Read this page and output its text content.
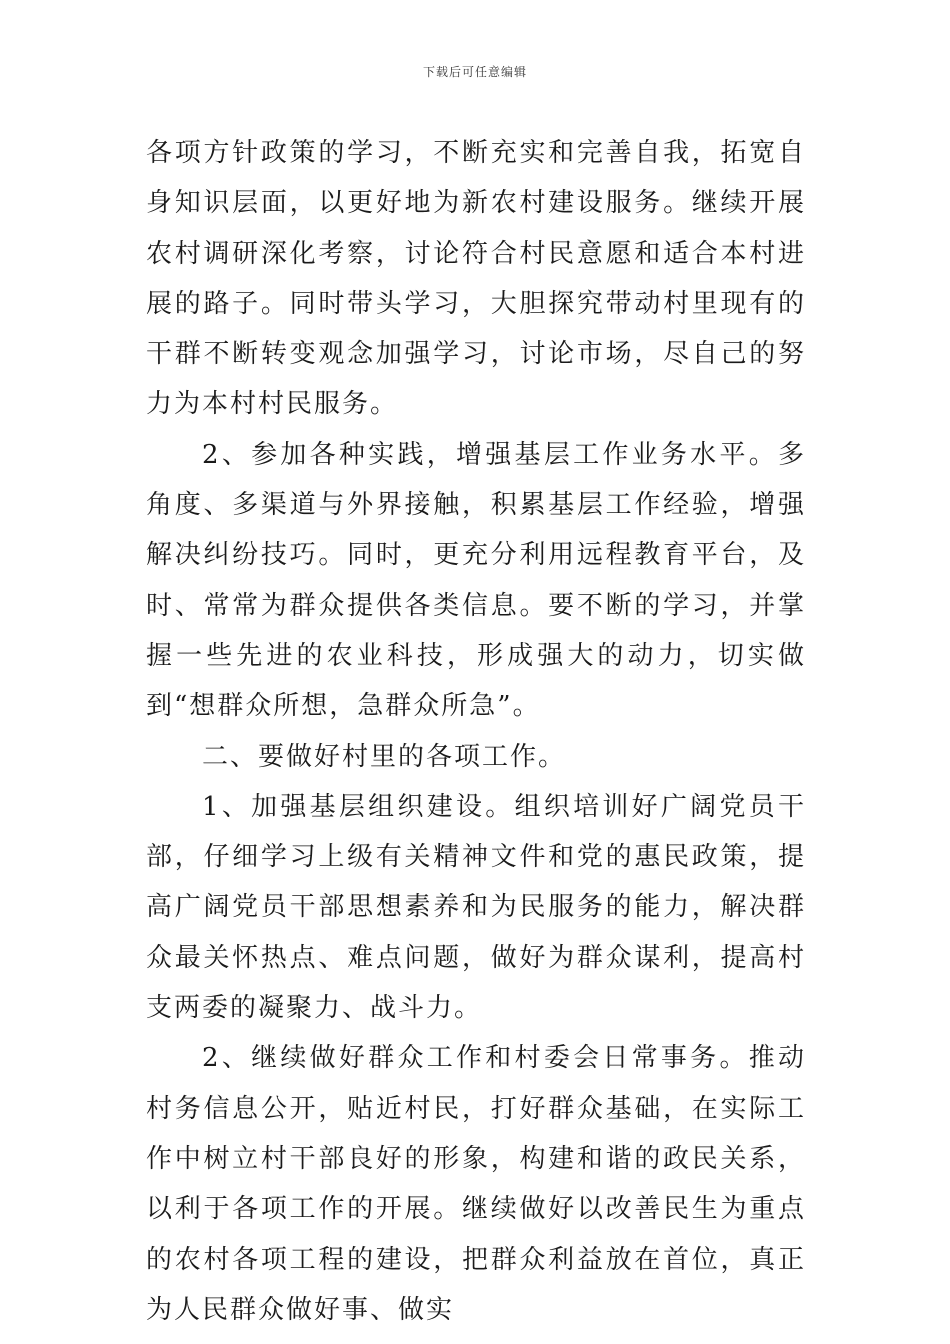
下载后可任意编辑

各项方针政策的学习，不断充实和完善自我，拓宽自身知识层面，以更好地为新农村建设服务。继续开展农村调研深化考察，讨论符合村民意愿和适合本村进展的路子。同时带头学习，大胆探究带动村里现有的干群不断转变观念加强学习，讨论市场，尽自己的努力为本村村民服务。

2、参加各种实践，增强基层工作业务水平。多角度、多渠道与外界接触，积累基层工作经验，增强解决纠纷技巧。同时，更充分利用远程教育平台，及时、常常为群众提供各类信息。要不断的学习，并掌握一些先进的农业科技，形成强大的动力，切实做到“想群众所想，急群众所急”。

二、要做好村里的各项工作。

1、加强基层组织建设。组织培训好广阔党员干部，仔细学习上级有关精神文件和党的惠民政策，提高广阔党员干部思想素养和为民服务的能力，解决群众最关怀热点、难点问题，做好为群众谋利，提高村支两委的凝聚力、战斗力。

2、继续做好群众工作和村委会日常事务。推动村务信息公开，贴近村民，打好群众基础，在实际工作中树立村干部良好的形象，构建和谐的政民关系，以利于各项工作的开展。继续做好以改善民生为重点的农村各项工程的建设，把群众利益放在首位，真正为人民群众做好事、做实
